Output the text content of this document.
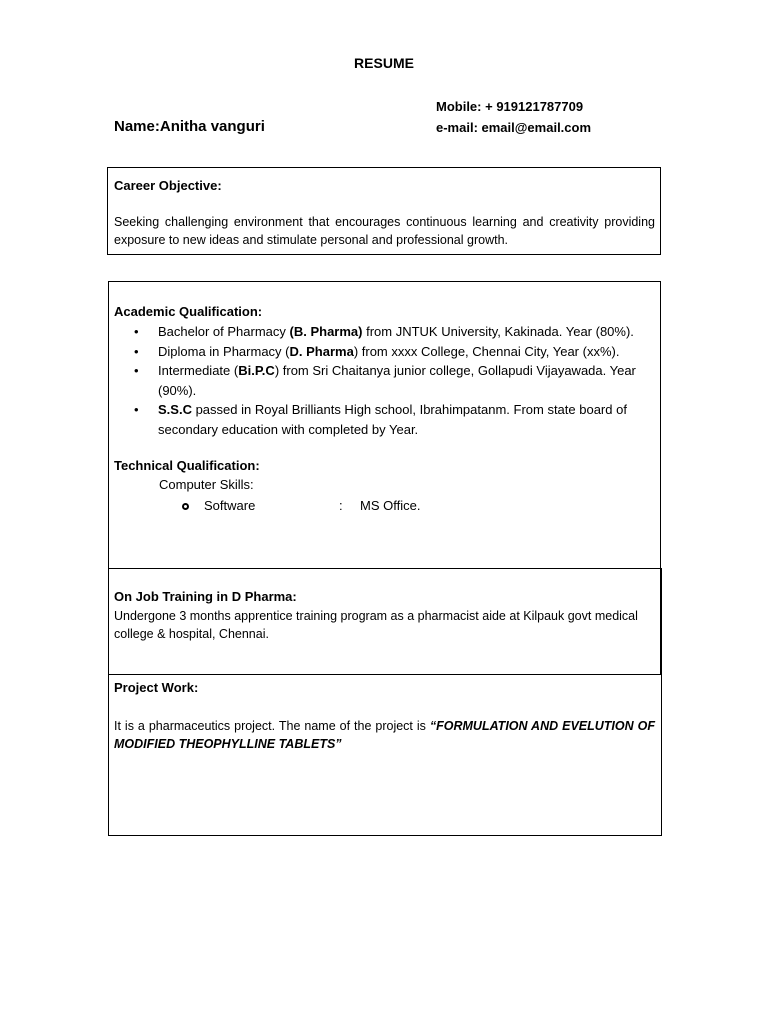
RESUME
Name:Anitha vanguri
Mobile: + 919121787709
e-mail: email@email.com
Career Objective:
Seeking challenging environment that encourages continuous learning and creativity providing exposure to new ideas and stimulate personal and professional growth.
Academic Qualification:
• Bachelor of Pharmacy (B. Pharma) from JNTUK University, Kakinada. Year (80%).
• Diploma in Pharmacy (D. Pharma) from xxxx College, Chennai City, Year (xx%).
• Intermediate (Bi.P.C) from Sri Chaitanya junior college, Gollapudi Vijayawada. Year (90%).
• S.S.C passed in Royal Brilliants High school, Ibrahimpatanm. From state board of secondary education with completed by Year.
Technical Qualification:
Computer Skills:
Software	: MS Office.
On Job Training in D Pharma:
Undergone 3 months apprentice training program as a pharmacist aide at Kilpauk govt medical college & hospital, Chennai.
Project Work:
It is a pharmaceutics project. The name of the project is “FORMULATION AND EVELUTION OF MODIFIED THEOPHYLLINE TABLETS”
